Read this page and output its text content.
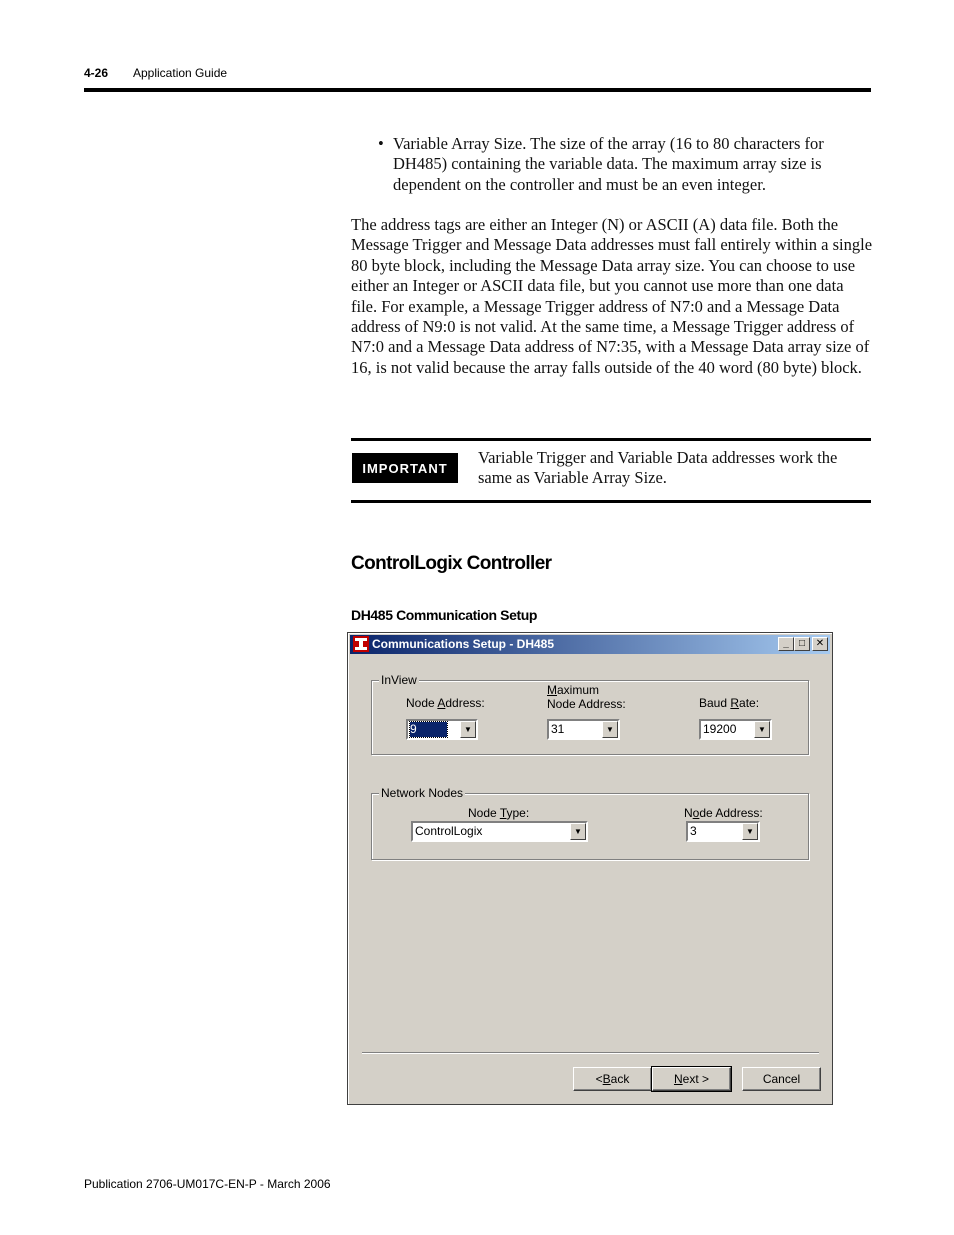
4-26 Application Guide
• Variable Array Size. The size of the array (16 to 80 characters for DH485) containing the variable data. The maximum array size is dependent on the controller and must be an even integer.
The address tags are either an Integer (N) or ASCII (A) data file. Both the Message Trigger and Message Data addresses must fall entirely within a single 80 byte block, including the Message Data array size. You can choose to use either an Integer or ASCII data file, but you cannot use more than one data file. For example, a Message Trigger address of N7:0 and a Message Data address of N9:0 is not valid. At the same time, a Message Trigger address of N7:0 and a Message Data address of N7:35, with a Message Data array size of 16, is not valid because the array falls outside of the 40 word (80 byte) block.
IMPORTANT
Variable Trigger and Variable Data addresses work the same as Variable Array Size.
ControlLogix Controller
DH485 Communication Setup
Communications Setup - DH485	_	□	✕
InView
Node Address:
9	▼
Maximum
Node Address:
31	▼
Baud Rate:
19200	▼
Network Nodes
Node Type:
ControlLogix	▼
Node Address:
3	▼
< B ack	N ext >	Cancel
Publication 2706-UM017C-EN-P - March 2006
